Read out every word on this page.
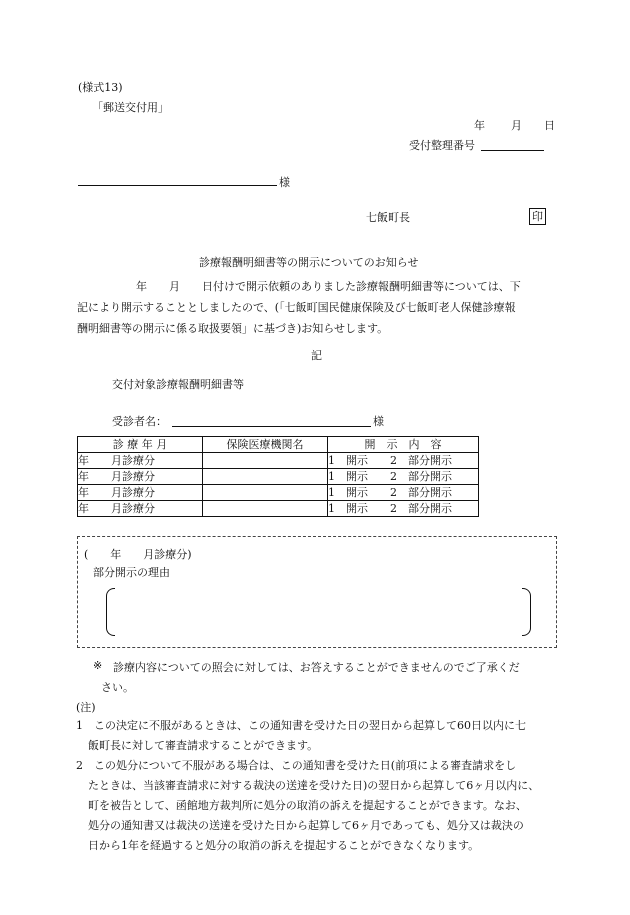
(様式13)
「郵送交付用」
年 月 日
受付整理番号
様
七飯町長	印
診療報酬明細書等の開示についてのお知らせ
年　　月　　日付けで開示依頼のありました診療報酬明細書等については、下
記により開示することとしましたので、(「七飯町国民健康保険及び七飯町老人保健診療報
酬明細書等の開示に係る取扱要領」に基づき)お知らせします。
記
交付対象診療報酬明細書等
受診者名：	様
診 療 年 月	保険医療機関名	開　示　内　容
年　　月診療分		1　開示　　2　部分開示
年　　月診療分		1　開示　　2　部分開示
年　　月診療分		1　開示　　2　部分開示
年　　月診療分		1　開示　　2　部分開示
(　　年　　月診療分)
部分開示の理由
※ 診療内容についての照会に対しては、お答えすることができませんのでご了承くだ
さい。
(注)
1　この決定に不服があるときは、この通知書を受けた日の翌日から起算して60日以内に七
飯町長に対して審査請求することができます。
2　この処分について不服がある場合は、この通知書を受けた日(前項による審査請求をし
たときは、当該審査請求に対する裁決の送達を受けた日)の翌日から起算して6ヶ月以内に、
町を被告として、函館地方裁判所に処分の取消の訴えを提起することができます。なお、
処分の通知書又は裁決の送達を受けた日から起算して6ヶ月であっても、処分又は裁決の
日から1年を経過すると処分の取消の訴えを提起することができなくなります。
